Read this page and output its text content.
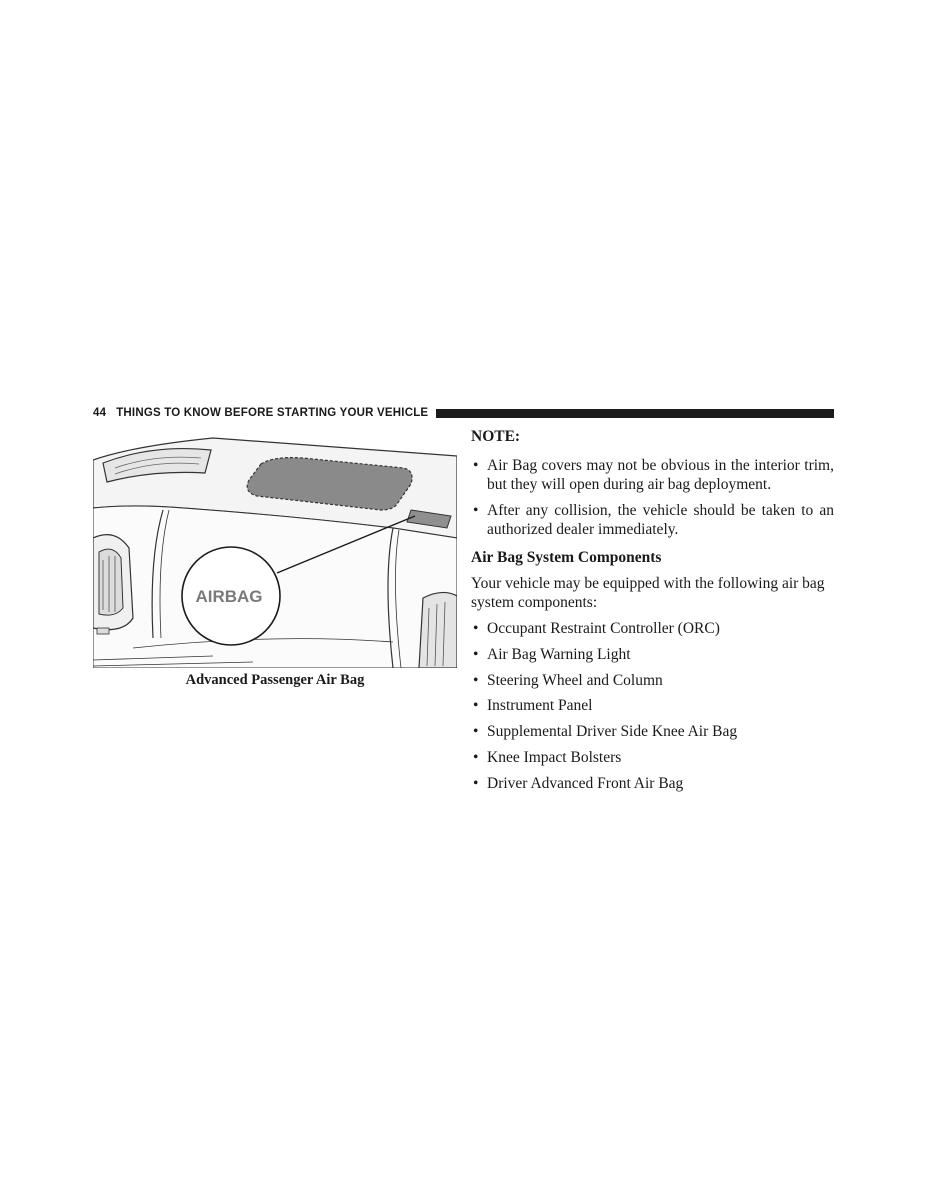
44 THINGS TO KNOW BEFORE STARTING YOUR VEHICLE
AIRBAG
Advanced Passenger Air Bag

NOTE:

• Air Bag covers may not be obvious in the interior trim, but they will open during air bag deployment.
• After any collision, the vehicle should be taken to an authorized dealer immediately.

Air Bag System Components

Your vehicle may be equipped with the following air bag system components:

• Occupant Restraint Controller (ORC)
• Air Bag Warning Light
• Steering Wheel and Column
• Instrument Panel
• Supplemental Driver Side Knee Air Bag
• Knee Impact Bolsters
• Driver Advanced Front Air Bag
